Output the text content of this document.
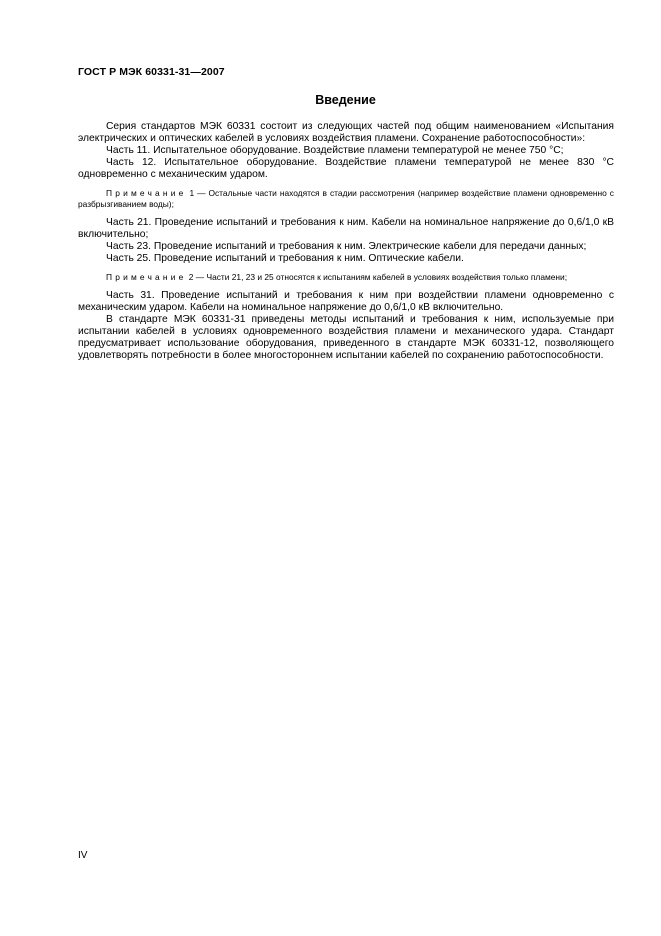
ГОСТ Р МЭК 60331-31—2007
Введение

Серия стандартов МЭК 60331 состоит из следующих частей под общим наименованием «Испытания электрических и оптических кабелей в условиях воздействия пламени. Сохранение работоспособности»:

Часть 11. Испытательное оборудование. Воздействие пламени температурой не менее 750 °С;

Часть 12. Испытательное оборудование. Воздействие пламени температурой не менее 830 °С одновременно с механическим ударом.

Примечание 1 — Остальные части находятся в стадии рассмотрения (например воздействие пламени одновременно с разбрызгиванием воды);

Часть 21. Проведение испытаний и требования к ним. Кабели на номинальное напряжение до 0,6/1,0 кВ включительно;

Часть 23. Проведение испытаний и требования к ним. Электрические кабели для передачи данных;

Часть 25. Проведение испытаний и требования к ним. Оптические кабели.

Примечание 2 — Части 21, 23 и 25 относятся к испытаниям кабелей в условиях воздействия только пламени;

Часть 31. Проведение испытаний и требования к ним при воздействии пламени одновременно с механическим ударом. Кабели на номинальное напряжение до 0,6/1,0 кВ включительно.

В стандарте МЭК 60331-31 приведены методы испытаний и требования к ним, используемые при испытании кабелей в условиях одновременного воздействия пламени и механического удара. Стандарт предусматривает использование оборудования, приведенного в стандарте МЭК 60331-12, позволяющего удовлетворять потребности в более многостороннем испытании кабелей по сохранению работоспособности.

IV
